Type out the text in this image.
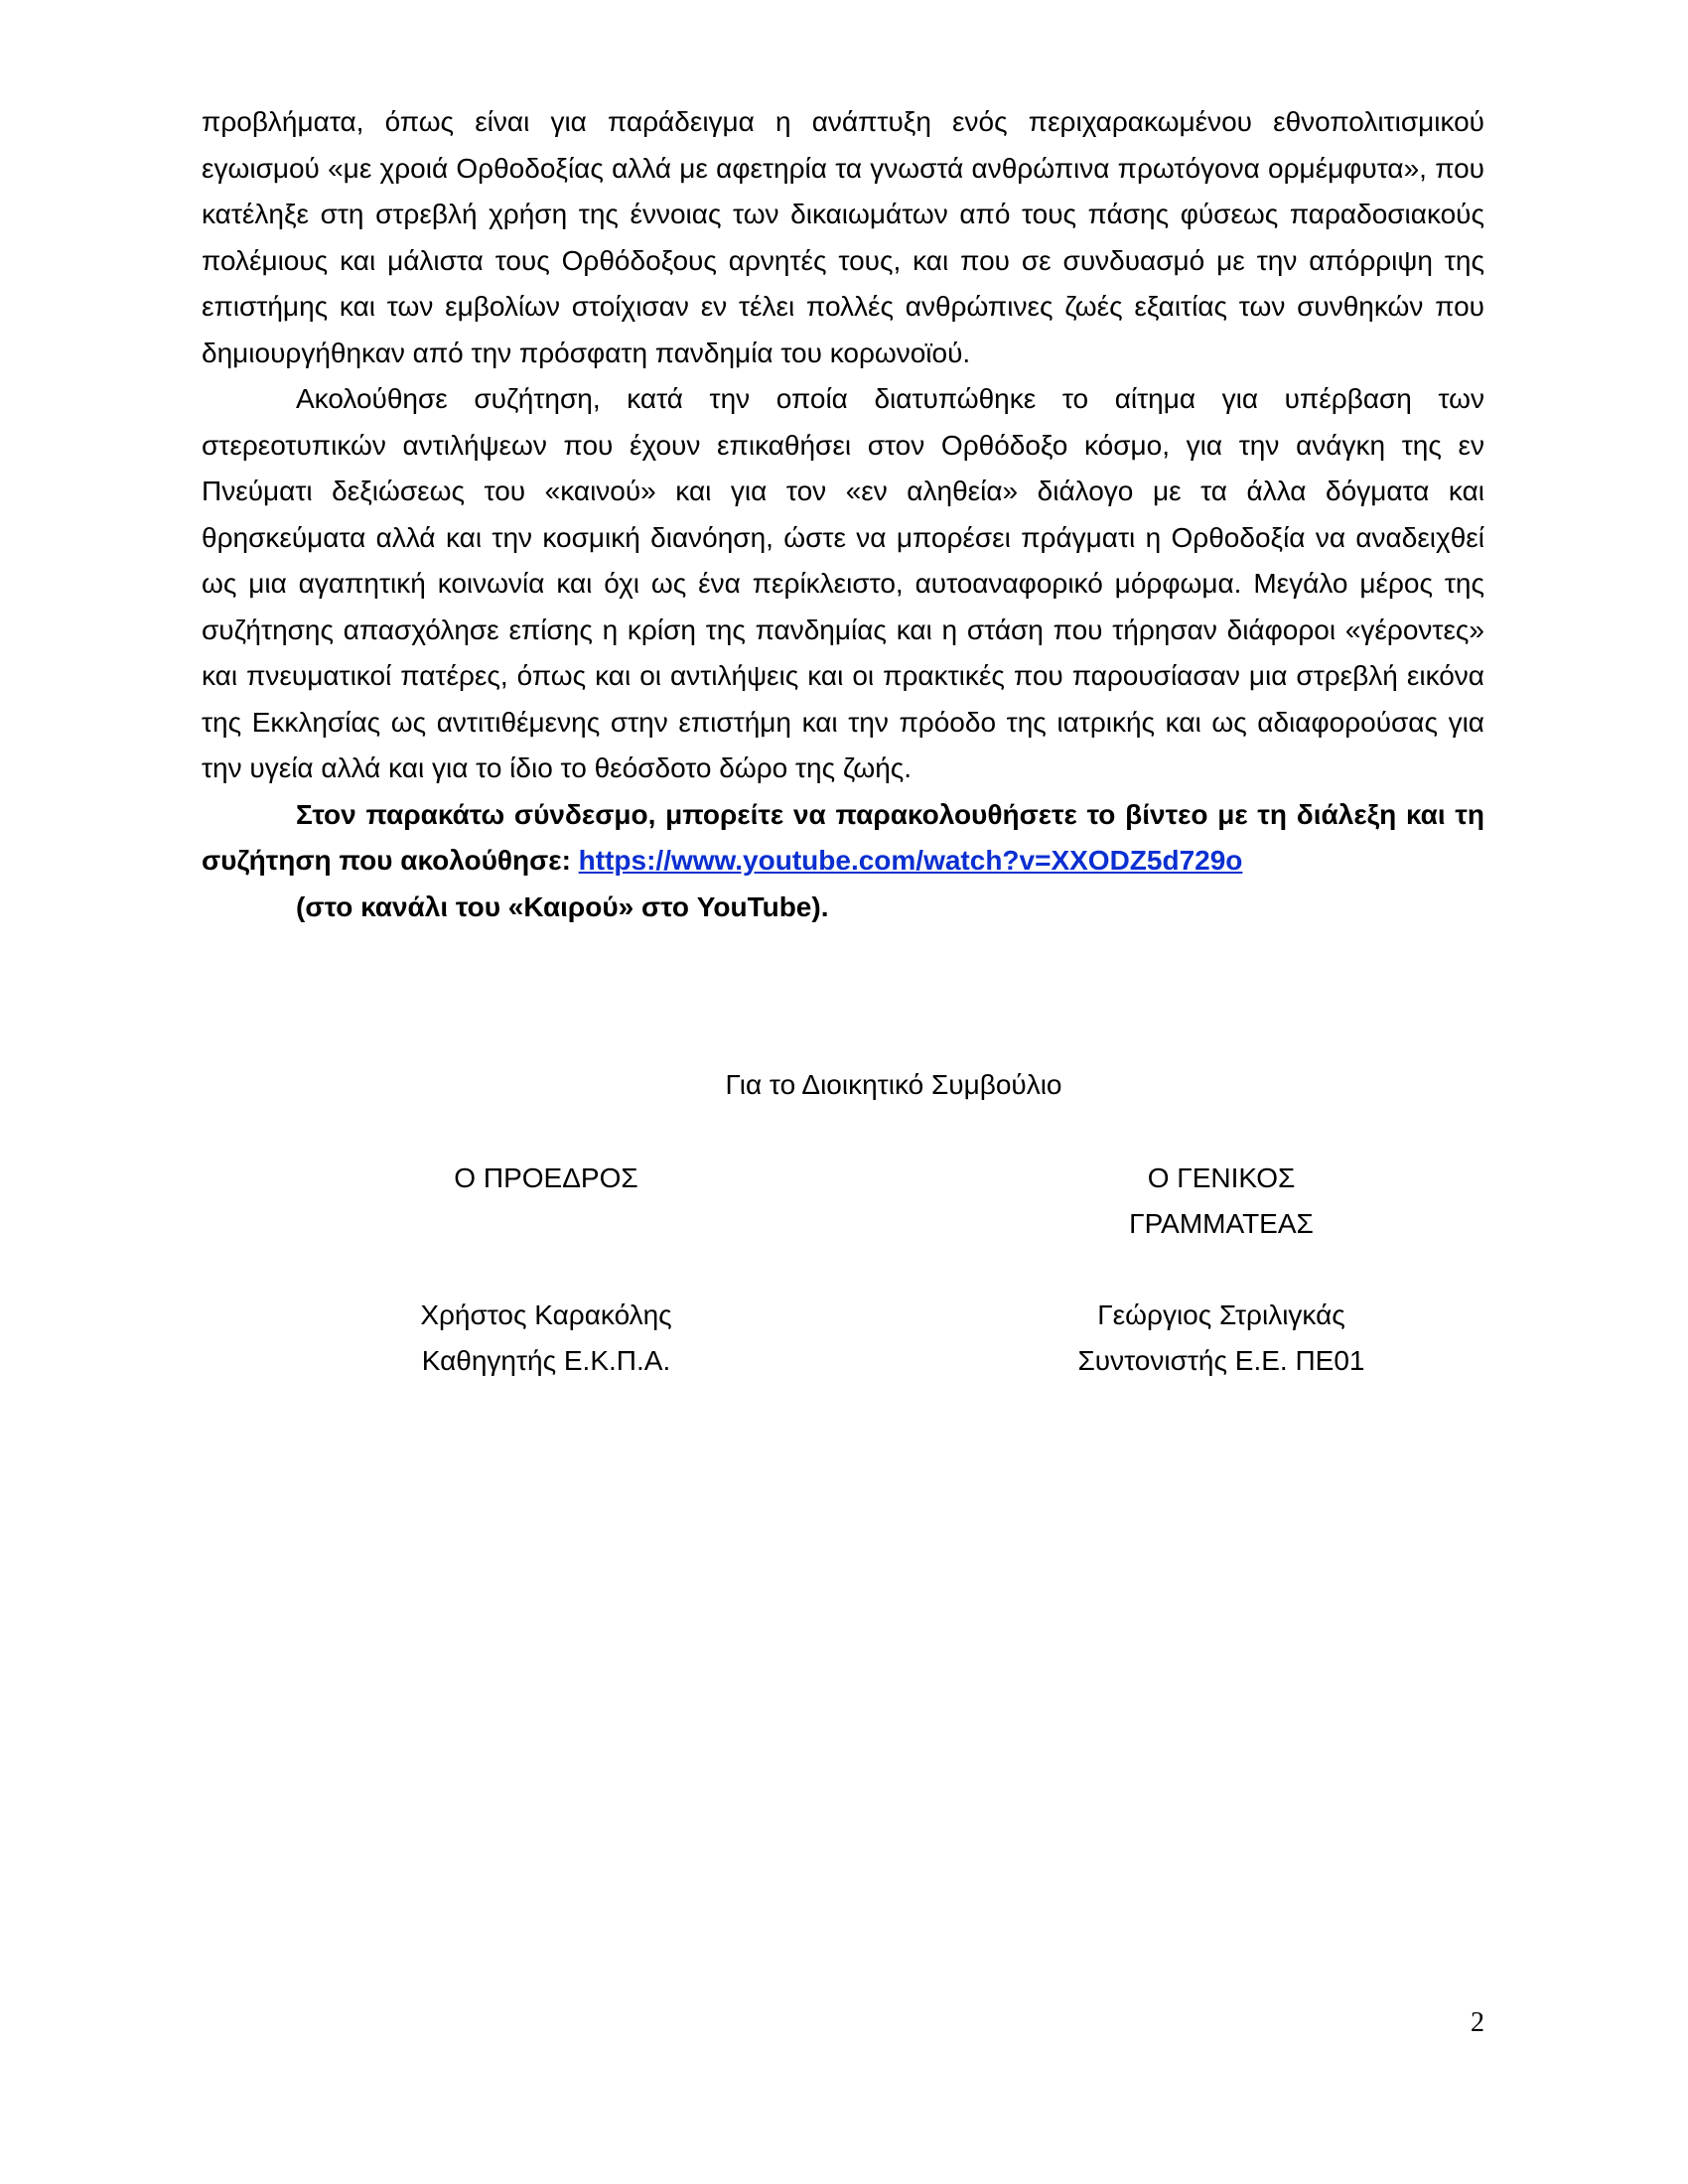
προβλήματα, όπως είναι για παράδειγμα η ανάπτυξη ενός περιχαρακωμένου εθνοπολιτισμικού εγωισμού «με χροιά Ορθοδοξίας αλλά με αφετηρία τα γνωστά ανθρώπινα πρωτόγονα ορμέμφυτα», που κατέληξε στη στρεβλή χρήση της έννοιας των δικαιωμάτων από τους πάσης φύσεως παραδοσιακούς πολέμιους και μάλιστα τους Ορθόδοξους αρνητές τους, και που σε συνδυασμό με την απόρριψη της επιστήμης και των εμβολίων στοίχισαν εν τέλει πολλές ανθρώπινες ζωές εξαιτίας των συνθηκών που δημιουργήθηκαν από την πρόσφατη πανδημία του κορωνοϊού.

Ακολούθησε συζήτηση, κατά την οποία διατυπώθηκε το αίτημα για υπέρβαση των στερεοτυπικών αντιλήψεων που έχουν επικαθήσει στον Ορθόδοξο κόσμο, για την ανάγκη της εν Πνεύματι δεξιώσεως του «καινού» και για τον «εν αληθεία» διάλογο με τα άλλα δόγματα και θρησκεύματα αλλά και την κοσμική διανόηση, ώστε να μπορέσει πράγματι η Ορθοδοξία να αναδειχθεί ως μια αγαπητική κοινωνία και όχι ως ένα περίκλειστο, αυτοαναφορικό μόρφωμα. Μεγάλο μέρος της συζήτησης απασχόλησε επίσης η κρίση της πανδημίας και η στάση που τήρησαν διάφοροι «γέροντες» και πνευματικοί πατέρες, όπως και οι αντιλήψεις και οι πρακτικές που παρουσίασαν μια στρεβλή εικόνα της Εκκλησίας ως αντιτιθέμενης στην επιστήμη και την πρόοδο της ιατρικής και ως αδιαφορούσας για την υγεία αλλά και για το ίδιο το θεόσδοτο δώρο της ζωής.

Στον παρακάτω σύνδεσμο, μπορείτε να παρακολουθήσετε το βίντεο με τη διάλεξη και τη συζήτηση που ακολούθησε: https://www.youtube.com/watch?v=XXODZ5d729o

(στο κανάλι του «Καιρού» στο YouTube).

Για το Διοικητικό Συμβούλιο
Ο ΠΡΟΕΔΡΟΣ
Χρήστος Καρακόλης
Καθηγητής Ε.Κ.Π.Α.
Ο ΓΕΝΙΚΟΣ
ΓΡΑΜΜΑΤΕΑΣ
Γεώργιος Στριλιγκάς
Συντονιστής Ε.Ε. ΠΕ01
2
